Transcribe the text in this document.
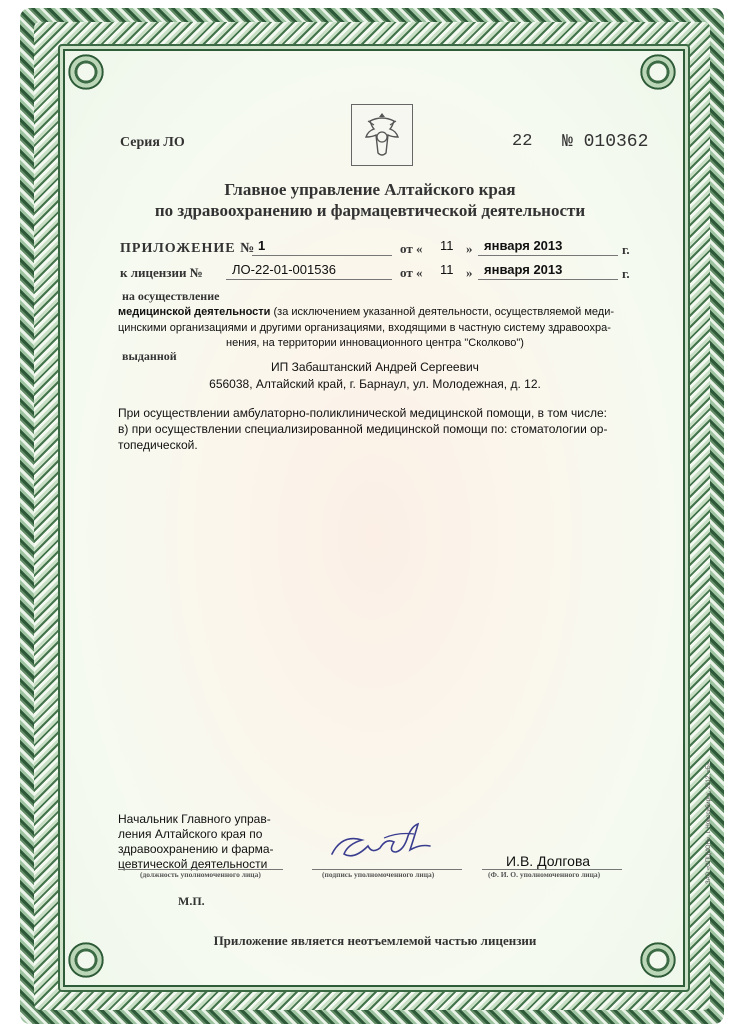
Серия ЛО	22 № 010362
Главное управление Алтайского края
по здравоохранению и фармацевтической деятельности
ПРИЛОЖЕНИЕ № 1	от « 11 » января 2013	г.
к лицензии № ЛО-22-01-001536	от « 11 » января 2013	г.
на осуществление
медицинской деятельности (за исключением указанной деятельности, осуществляемой меди-
цинскими организациями и другими организациями, входящими в частную систему здравоохра-
нения, на территории инновационного центра "Сколково")
выданной
ИП Забаштанский Андрей Сергеевич
656038, Алтайский край, г. Барнаул, ул. Молодежная, д. 12.
При осуществлении амбулаторно-поликлинической медицинской помощи, в том числе:
в) при осуществлении специализированной медицинской помощи по: стоматологии ор-
топедической.
Начальник Главного управ-
ления Алтайского края по
здравоохранению и фарма-
цевтической деятельности
(должность уполномоченного лица)	(подпись уполномоченного лица)
И.В. Долгова
(Ф. И. О. уполномоченного лица)
М.П.
Приложение является неотъемлемой частью лицензии
ЗАО «ОПЦИОН», г. Новосибирск, 2012, «Б»
